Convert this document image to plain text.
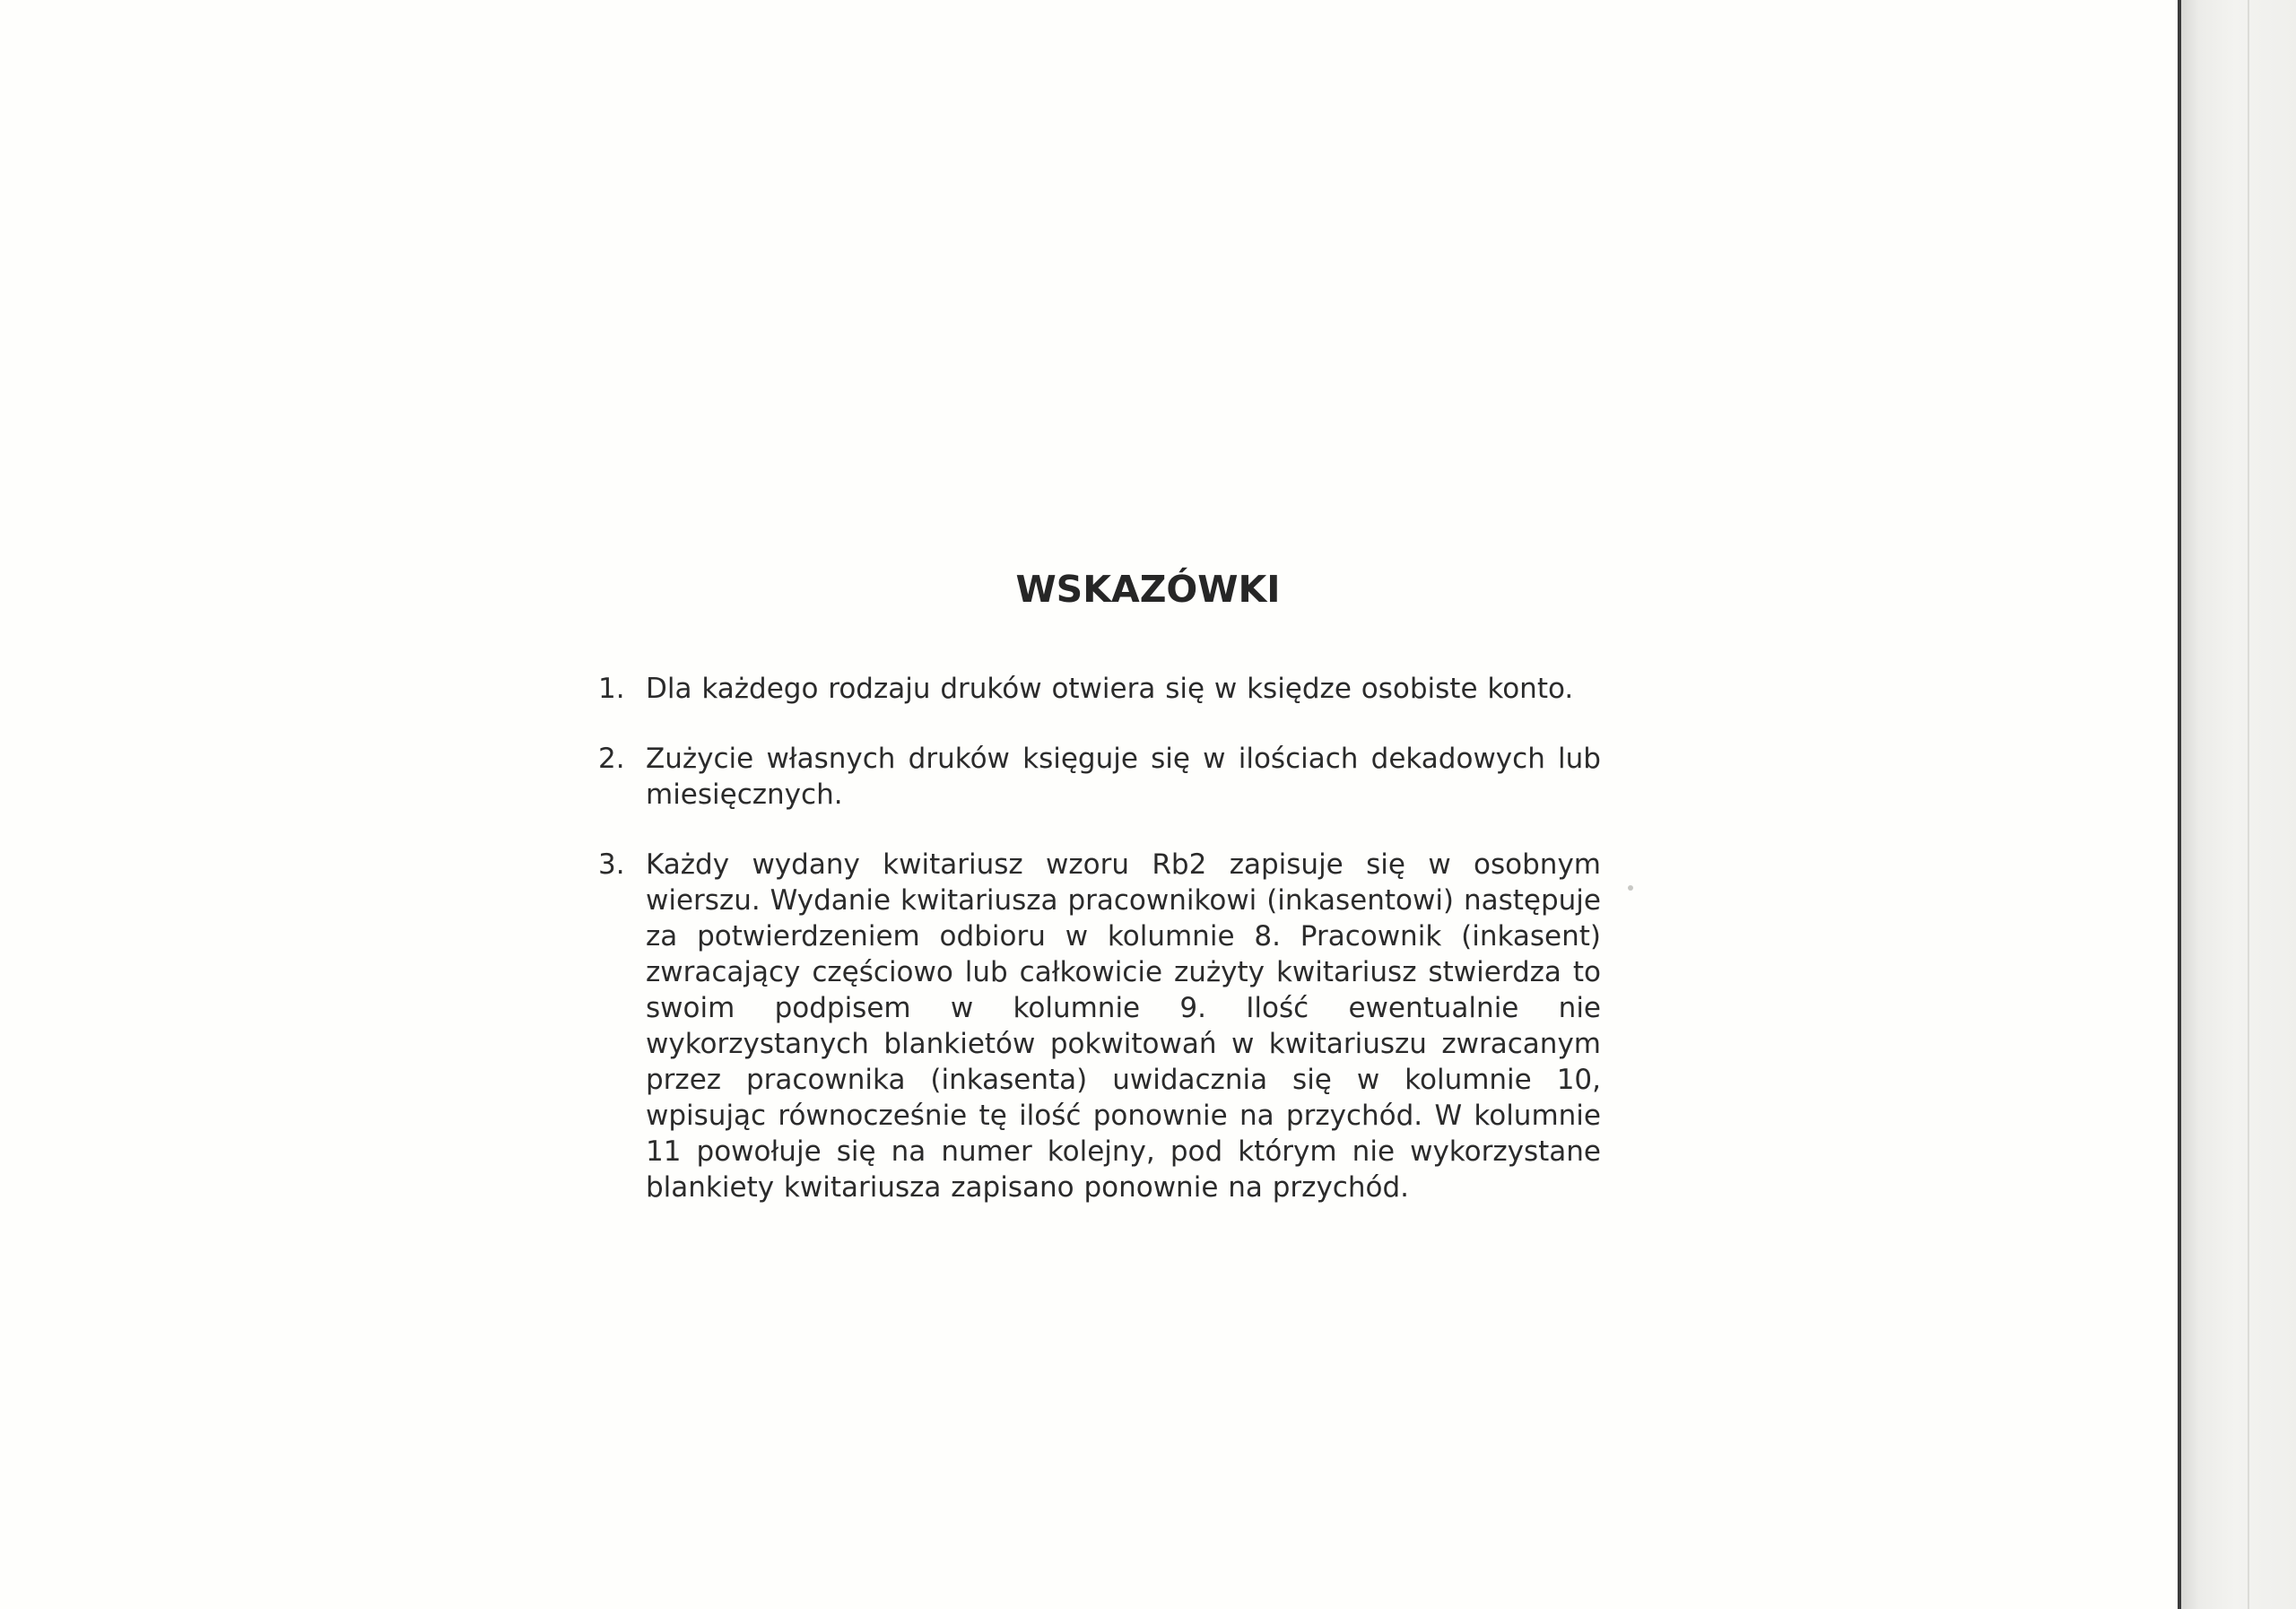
WSKAZÓWKI
1. Dla każdego rodzaju druków otwiera się w księdze osobiste konto.
2. Zużycie własnych druków księguje się w ilościach dekadowych lub miesięcznych.
3. Każdy wydany kwitariusz wzoru Rb2 zapisuje się w osobnym wierszu. Wydanie kwitariusza pracownikowi (inkasentowi) następuje za potwierdzeniem odbioru w kolumnie 8. Pracownik (inkasent) zwracający częściowo lub całkowicie zużyty kwitariusz stwierdza to swoim podpisem w kolumnie 9. Ilość ewentualnie nie wykorzystanych blankietów pokwitowań w kwitariuszu zwracanym przez pracownika (inkasenta) uwidacznia się w kolumnie 10, wpisując równocześnie tę ilość ponownie na przychód. W kolumnie 11 powołuje się na numer kolejny, pod którym nie wykorzystane blankiety kwitariusza zapisano ponownie na przychód.
